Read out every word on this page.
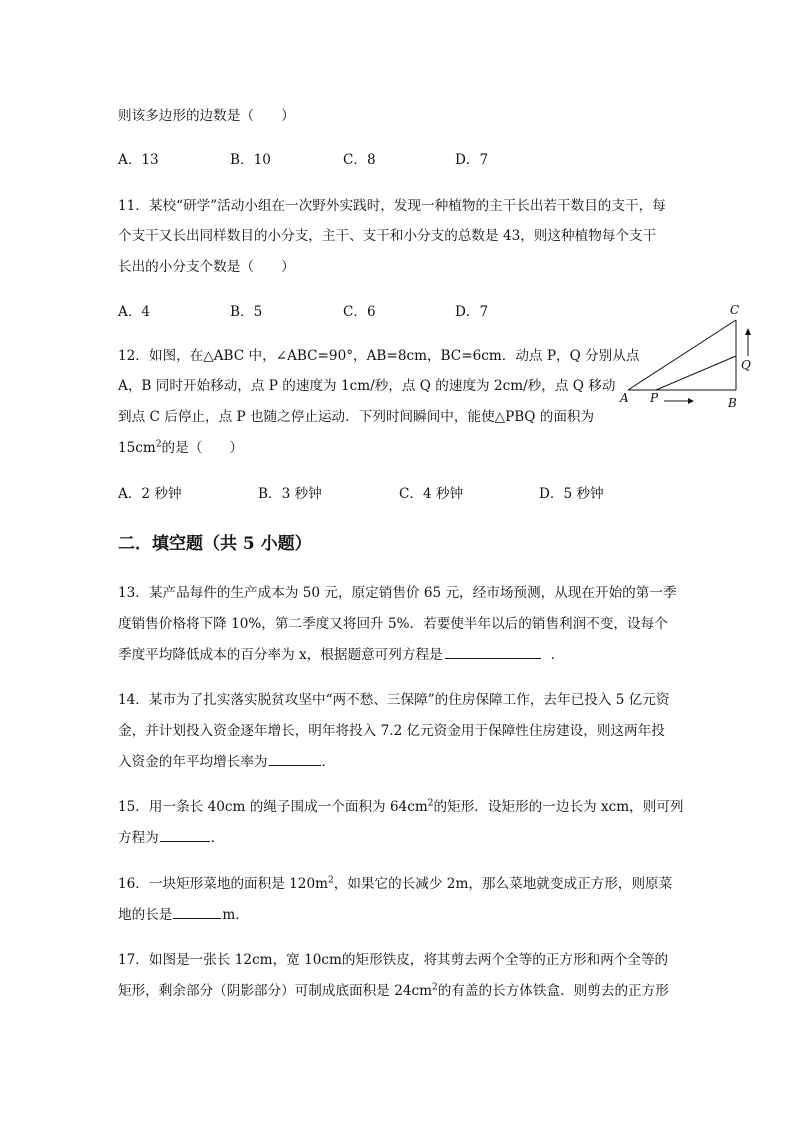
则该多边形的边数是（　　）
A．13	B．10	C．8	D．7
11．某校“研学”活动小组在一次野外实践时，发现一种植物的主干长出若干数目的支干，每
个支干又长出同样数目的小分支，主干、支干和小分支的总数是 43，则这种植物每个支干
长出的小分支个数是（　　）
A．4	B．5	C．6	D．7
12．如图，在△ABC 中，∠ABC=90°，AB=8cm，BC=6cm．动点 P，Q 分别从点
A，B 同时开始移动，点 P 的速度为 1cm/秒，点 Q 的速度为 2cm/秒，点 Q 移动
到点 C 后停止，点 P 也随之停止运动．下列时间瞬间中，能使△PBQ 的面积为
$15cm^2$的是（　　）
A．2 秒钟	B．3 秒钟	C．4 秒钟	D．5 秒钟
C
Q
A P	B
二．填空题（共 5 小题）
13．某产品每件的生产成本为 50 元，原定销售价 65 元，经市场预测，从现在开始的第一季
度销售价格将下降 10%，第二季度又将回升 5%．若要使半年以后的销售利润不变，设每个
季度平均降低成本的百分率为 x，根据题意可列方程是	．
14．某市为了扎实落实脱贫攻坚中“两不愁、三保障”的住房保障工作，去年已投入 5 亿元资
金，并计划投入资金逐年增长，明年将投入 7.2 亿元资金用于保障性住房建设，则这两年投
入资金的年平均增长率为	．
15．用一条长 40cm 的绳子围成一个面积为 $64cm^2$的矩形．设矩形的一边长为 xcm，则可列
方程为	．
16．一块矩形菜地的面积是 $120m^2$，如果它的长减少 2m，那么菜地就变成正方形，则原菜
地的长是	m．
17．如图是一张长 12cm，宽 10cm的矩形铁皮，将其剪去两个全等的正方形和两个全等的
矩形，剩余部分（阴影部分）可制成底面积是 $24cm^2$的有盖的长方体铁盒．则剪去的正方形
